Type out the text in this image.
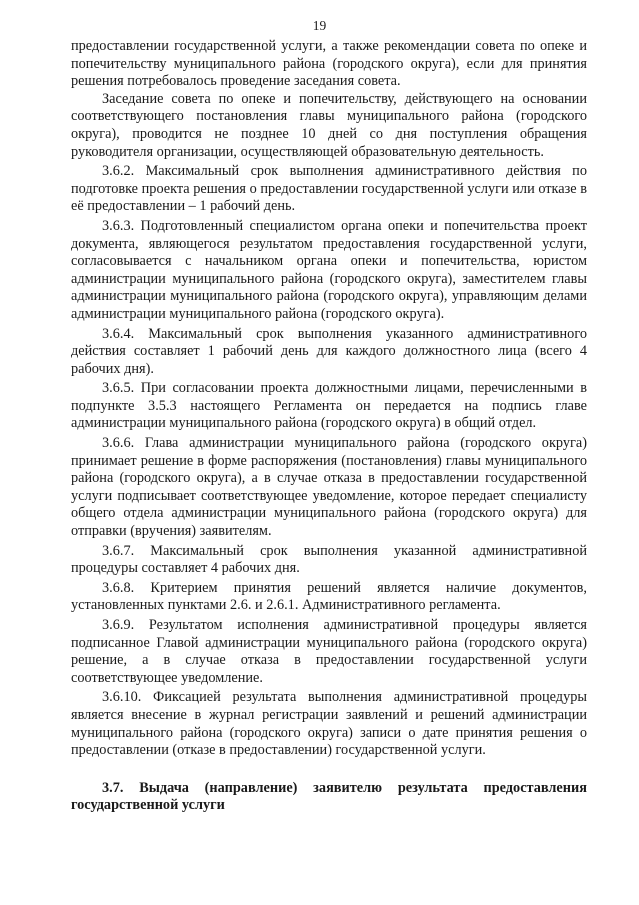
19

предоставлении государственной услуги, а также рекомендации совета по опеке и попечительству муниципального района (городского округа), если для принятия решения потребовалось проведение заседания совета.

Заседание совета по опеке и попечительству, действующего на основании соответствующего постановления главы муниципального района (городского округа), проводится не позднее 10 дней со дня поступления обращения руководителя организации, осуществляющей образовательную деятельность.

3.6.2. Максимальный срок выполнения административного действия по подготовке проекта решения о предоставлении государственной услуги или отказе в её предоставлении – 1 рабочий день.

3.6.3. Подготовленный специалистом органа опеки и попечительства проект документа, являющегося результатом предоставления государственной услуги, согласовывается с начальником органа опеки и попечительства, юристом администрации муниципального района (городского округа), заместителем главы администрации муниципального района (городского округа), управляющим делами администрации муниципального района (городского округа).

3.6.4. Максимальный срок выполнения указанного административного действия составляет 1 рабочий день для каждого должностного лица (всего 4 рабочих дня).

3.6.5. При согласовании проекта должностными лицами, перечисленными в подпункте 3.5.3 настоящего Регламента он передается на подпись главе администрации муниципального района (городского округа) в общий отдел.

3.6.6. Глава администрации муниципального района (городского округа) принимает решение в форме распоряжения (постановления) главы муниципального района (городского округа), а в случае отказа в предоставлении государственной услуги подписывает соответствующее уведомление, которое передает специалисту общего отдела администрации муниципального района (городского округа) для отправки (вручения) заявителям.

3.6.7. Максимальный срок выполнения указанной административной процедуры составляет 4 рабочих дня.

3.6.8. Критерием принятия решений является наличие документов, установленных пунктами 2.6. и 2.6.1. Административного регламента.

3.6.9. Результатом исполнения административной процедуры является подписанное Главой администрации муниципального района (городского округа) решение, а в случае отказа в предоставлении государственной услуги соответствующее уведомление.

3.6.10. Фиксацией результата выполнения административной процедуры является внесение в журнал регистрации заявлений и решений администрации муниципального района (городского округа) записи о дате принятия решения о предоставлении (отказе в предоставлении) государственной услуги.

3.7. Выдача (направление) заявителю результата предоставления государственной услуги
